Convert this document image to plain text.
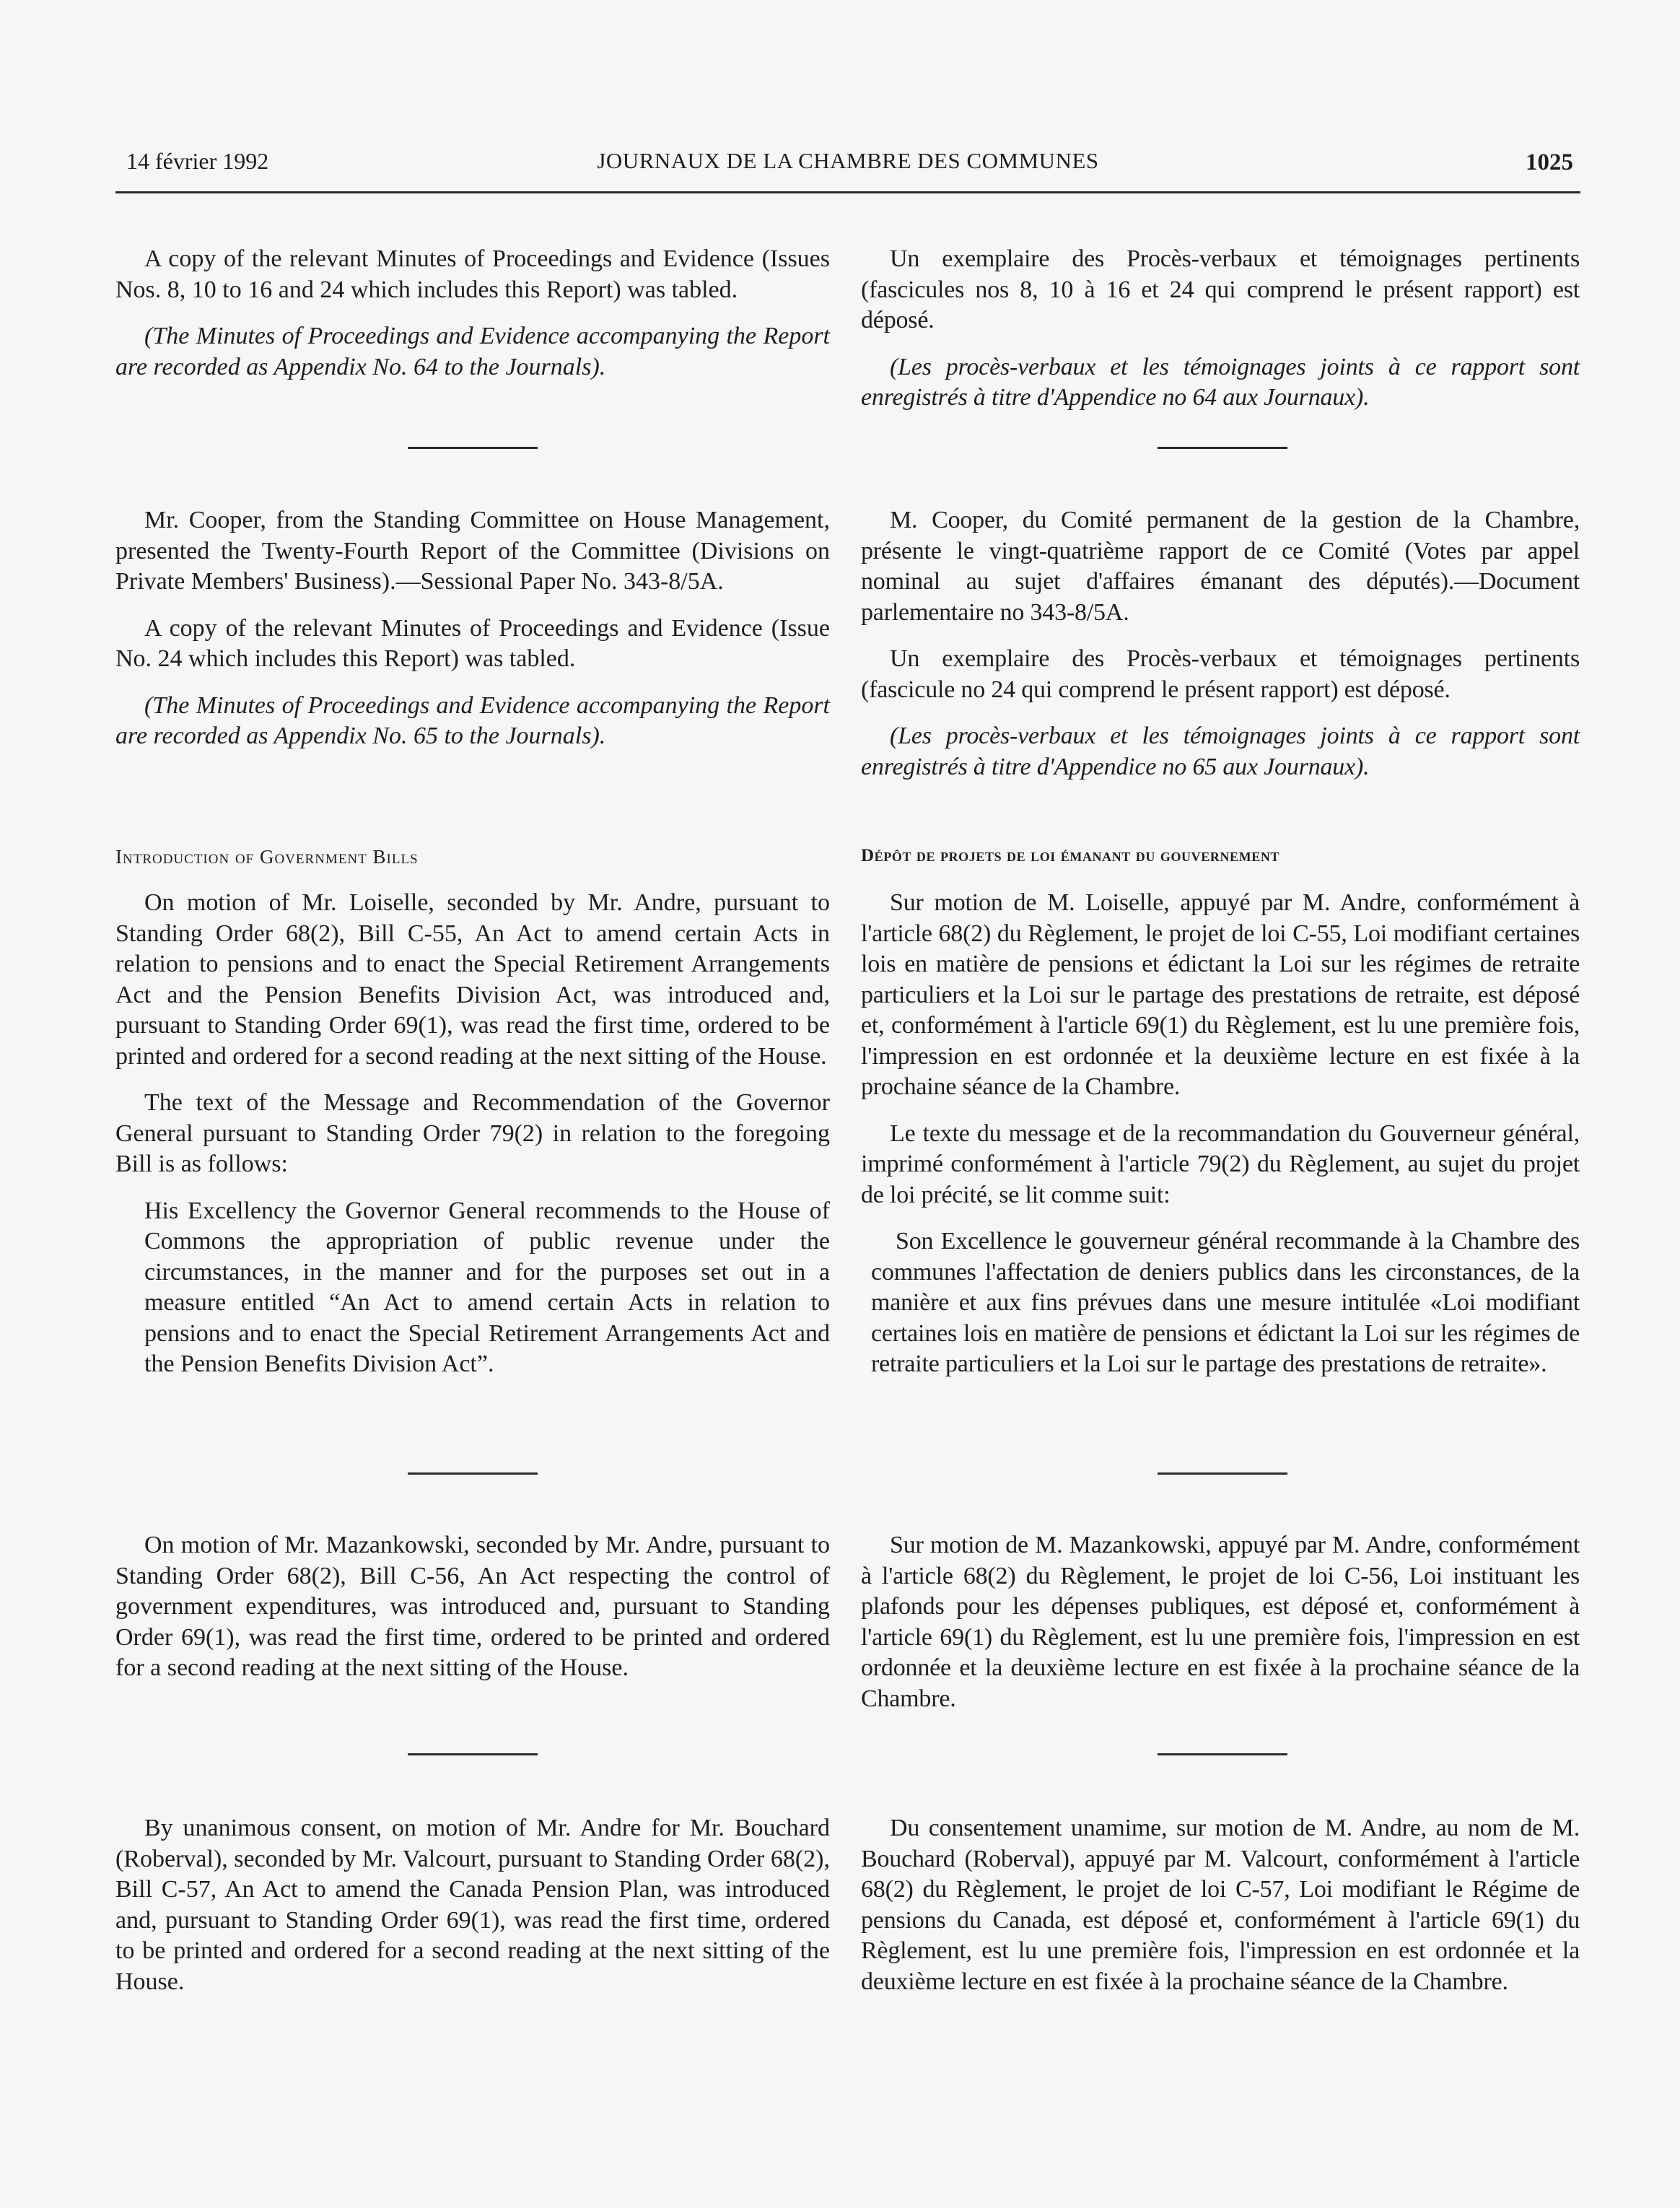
14 février 1992	JOURNAUX DE LA CHAMBRE DES COMMUNES	1025

A copy of the relevant Minutes of Proceedings and Evidence (Issues Nos. 8, 10 to 16 and 24 which includes this Report) was tabled.

(The Minutes of Proceedings and Evidence accompanying the Report are recorded as Appendix No. 64 to the Journals).

Un exemplaire des Procès-verbaux et témoignages pertinents (fascicules nos 8, 10 à 16 et 24 qui comprend le présent rapport) est déposé.

(Les procès-verbaux et les témoignages joints à ce rapport sont enregistrés à titre d'Appendice no 64 aux Journaux).

Mr. Cooper, from the Standing Committee on House Management, presented the Twenty-Fourth Report of the Committee (Divisions on Private Members' Business).—Sessional Paper No. 343-8/5A.

A copy of the relevant Minutes of Proceedings and Evidence (Issue No. 24 which includes this Report) was tabled.

(The Minutes of Proceedings and Evidence accompanying the Report are recorded as Appendix No. 65 to the Journals).

M. Cooper, du Comité permanent de la gestion de la Chambre, présente le vingt-quatrième rapport de ce Comité (Votes par appel nominal au sujet d'affaires émanant des députés).—Document parlementaire no 343-8/5A.

Un exemplaire des Procès-verbaux et témoignages pertinents (fascicule no 24 qui comprend le présent rapport) est déposé.

(Les procès-verbaux et les témoignages joints à ce rapport sont enregistrés à titre d'Appendice no 65 aux Journaux).

Introduction of Government Bills	Dépôt de projets de loi émanant du gouvernement

On motion of Mr. Loiselle, seconded by Mr. Andre, pursuant to Standing Order 68(2), Bill C-55, An Act to amend certain Acts in relation to pensions and to enact the Special Retirement Arrangements Act and the Pension Benefits Division Act, was introduced and, pursuant to Standing Order 69(1), was read the first time, ordered to be printed and ordered for a second reading at the next sitting of the House.

The text of the Message and Recommendation of the Governor General pursuant to Standing Order 79(2) in relation to the foregoing Bill is as follows:

His Excellency the Governor General recommends to the House of Commons the appropriation of public revenue under the circumstances, in the manner and for the purposes set out in a measure entitled “An Act to amend certain Acts in relation to pensions and to enact the Special Retirement Arrangements Act and the Pension Benefits Division Act”.

Sur motion de M. Loiselle, appuyé par M. Andre, conformément à l'article 68(2) du Règlement, le projet de loi C-55, Loi modifiant certaines lois en matière de pensions et édictant la Loi sur les régimes de retraite particuliers et la Loi sur le partage des prestations de retraite, est déposé et, conformément à l'article 69(1) du Règlement, est lu une première fois, l'impression en est ordonnée et la deuxième lecture en est fixée à la prochaine séance de la Chambre.

Le texte du message et de la recommandation du Gouverneur général, imprimé conformément à l'article 79(2) du Règlement, au sujet du projet de loi précité, se lit comme suit:

Son Excellence le gouverneur général recommande à la Chambre des communes l'affectation de deniers publics dans les circonstances, de la manière et aux fins prévues dans une mesure intitulée «Loi modifiant certaines lois en matière de pensions et édictant la Loi sur les régimes de retraite particuliers et la Loi sur le partage des prestations de retraite».

On motion of Mr. Mazankowski, seconded by Mr. Andre, pursuant to Standing Order 68(2), Bill C-56, An Act respecting the control of government expenditures, was introduced and, pursuant to Standing Order 69(1), was read the first time, ordered to be printed and ordered for a second reading at the next sitting of the House.

Sur motion de M. Mazankowski, appuyé par M. Andre, conformément à l'article 68(2) du Règlement, le projet de loi C-56, Loi instituant les plafonds pour les dépenses publiques, est déposé et, conformément à l'article 69(1) du Règlement, est lu une première fois, l'impression en est ordonnée et la deuxième lecture en est fixée à la prochaine séance de la Chambre.

By unanimous consent, on motion of Mr. Andre for Mr. Bouchard (Roberval), seconded by Mr. Valcourt, pursuant to Standing Order 68(2), Bill C-57, An Act to amend the Canada Pension Plan, was introduced and, pursuant to Standing Order 69(1), was read the first time, ordered to be printed and ordered for a second reading at the next sitting of the House.

Du consentement unamime, sur motion de M. Andre, au nom de M. Bouchard (Roberval), appuyé par M. Valcourt, conformément à l'article 68(2) du Règlement, le projet de loi C-57, Loi modifiant le Régime de pensions du Canada, est déposé et, conformément à l'article 69(1) du Règlement, est lu une première fois, l'impression en est ordonnée et la deuxième lecture en est fixée à la prochaine séance de la Chambre.
